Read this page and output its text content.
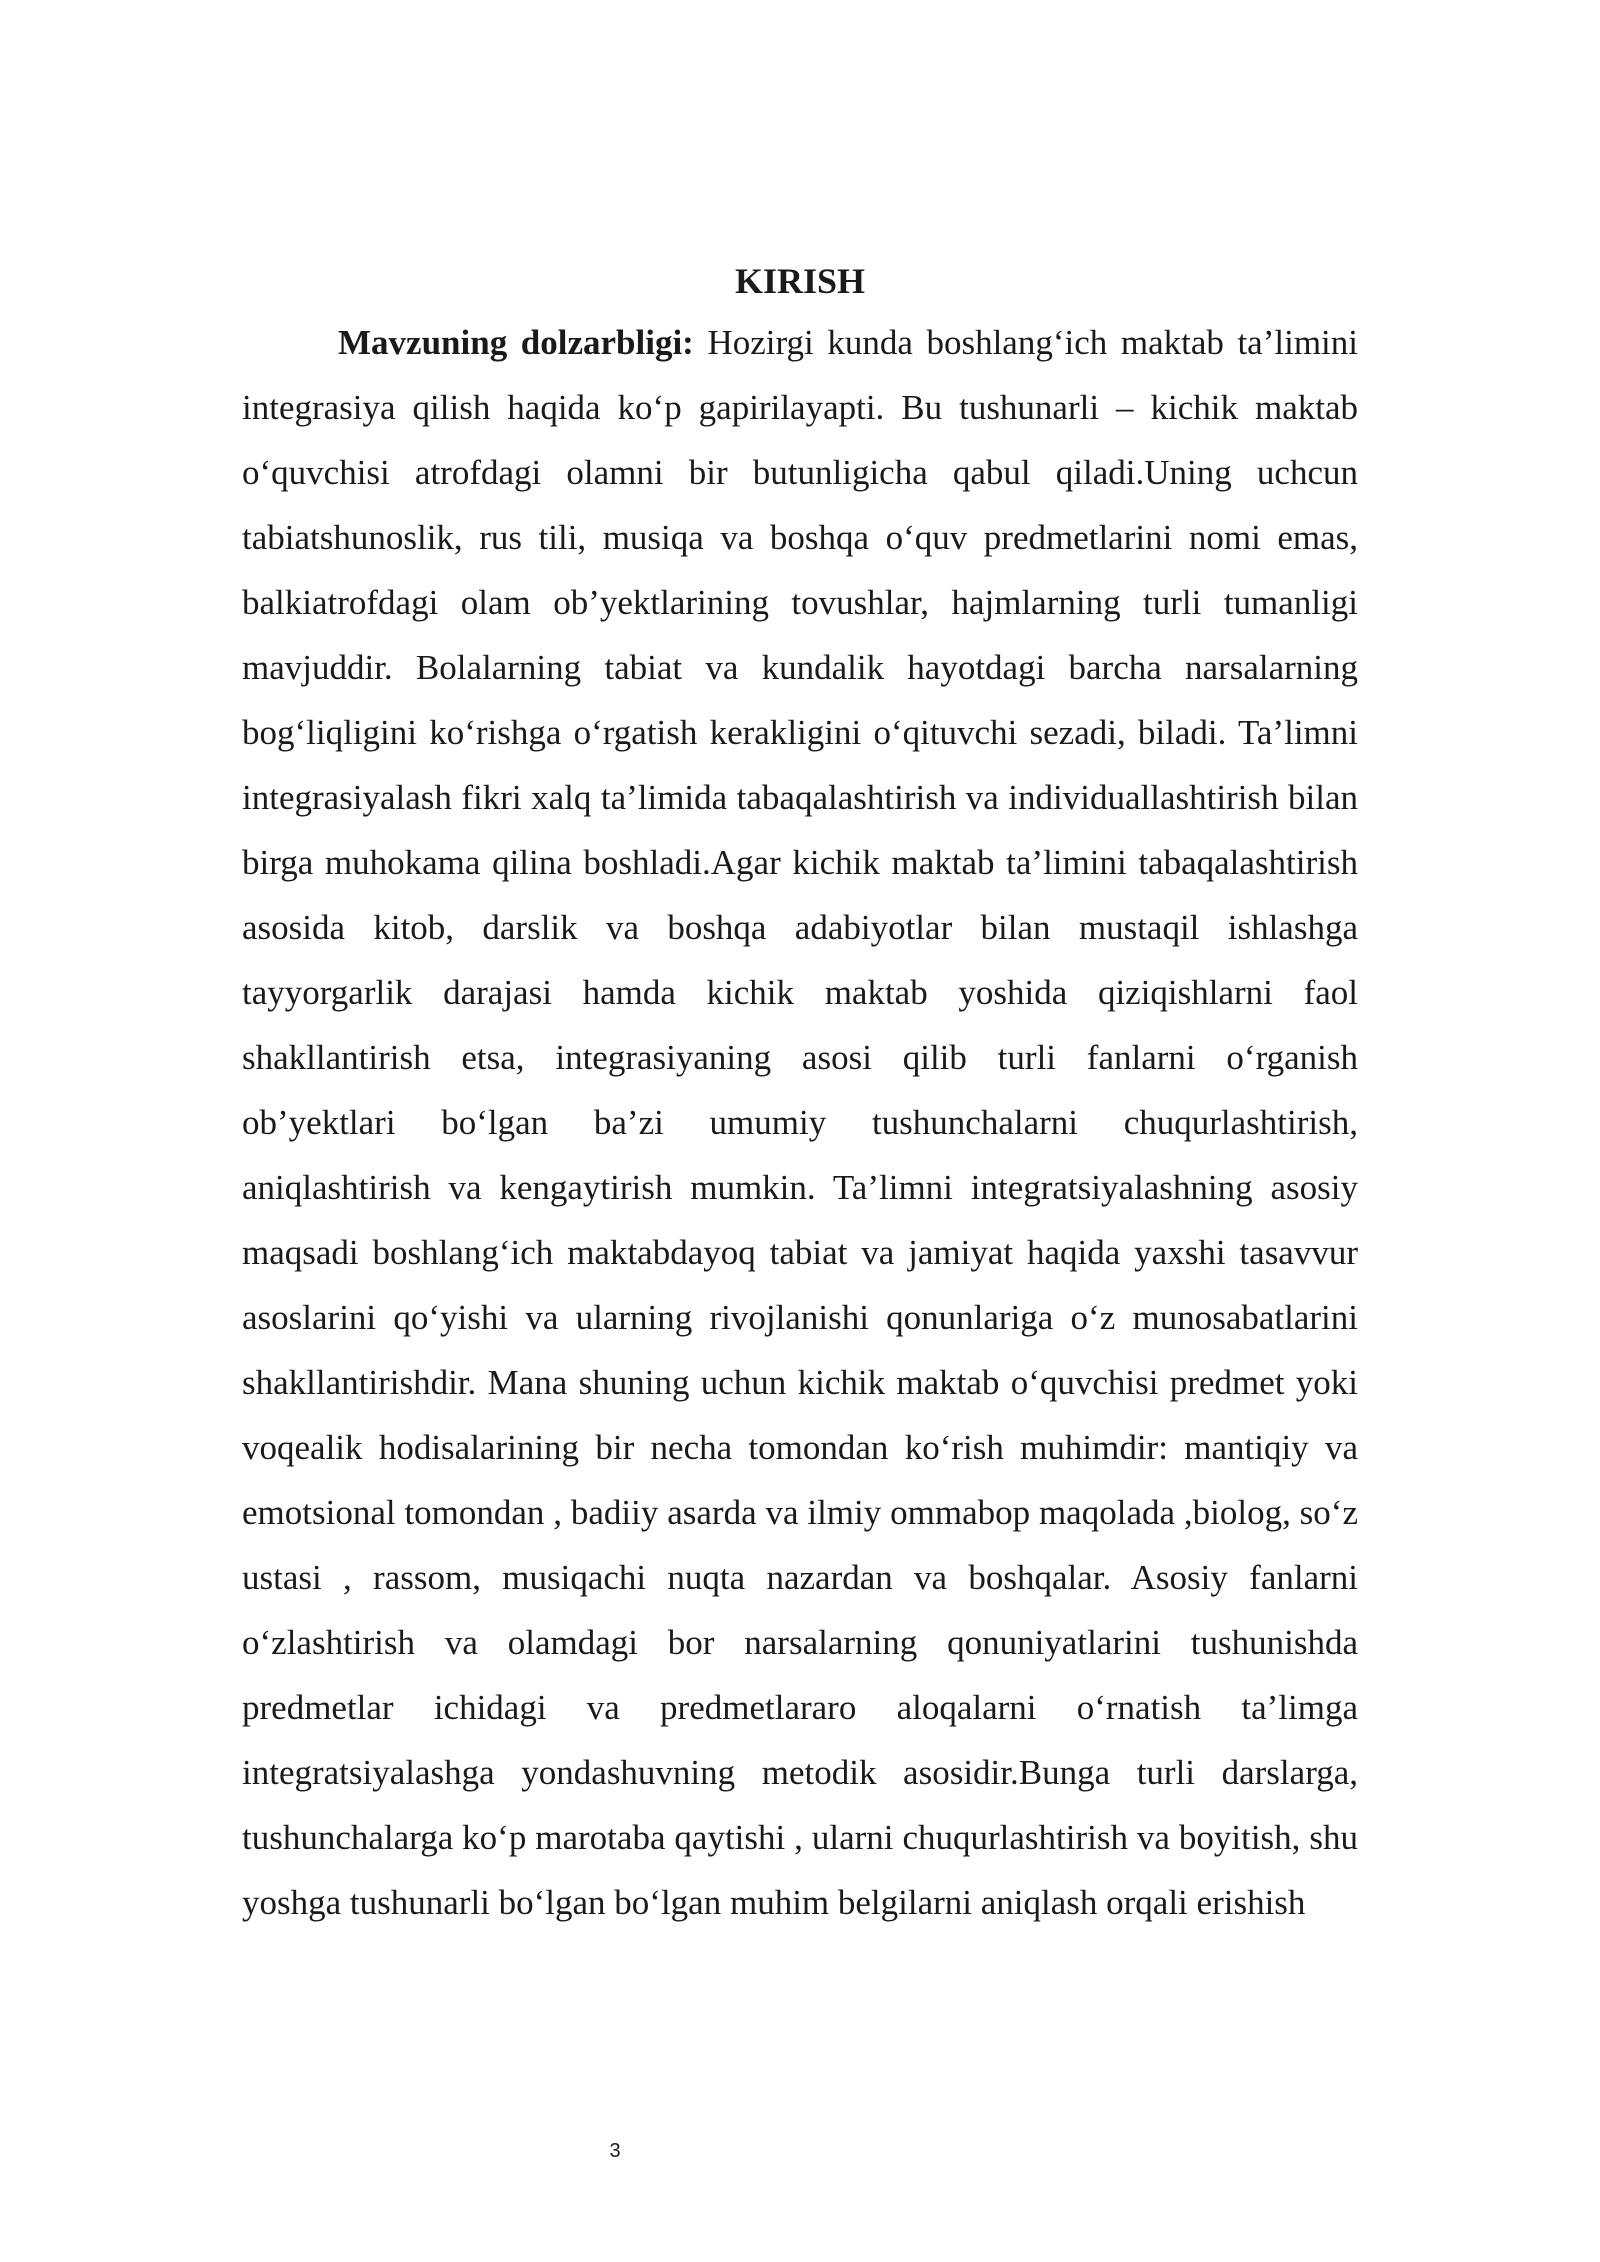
KIRISH

Mavzuning dolzarbligi: Hozirgi kunda boshlang‘ich maktab ta’limini integrasiya qilish haqida ko‘p gapirilayapti. Bu tushunarli – kichik maktab o‘quvchisi atrofdagi olamni bir butunligicha qabul qiladi.Uning uchcun tabiatshunoslik, rus tili, musiqa va boshqa o‘quv predmetlarini nomi emas, balkiatrofdagi olam ob’yektlarining tovushlar, hajmlarning turli tumanligi mavjuddir. Bolalarning tabiat va kundalik hayotdagi barcha narsalarning bog‘liqligini ko‘rishga o‘rgatish kerakligini o‘qituvchi sezadi, biladi. Ta’limni integrasiyalash fikri xalq ta’limida tabaqalashtirish va individuallashtirish bilan birga muhokama qilina boshladi.Agar kichik maktab ta’limini tabaqalashtirish asosida kitob, darslik va boshqa adabiyotlar bilan mustaqil ishlashga tayyorgarlik darajasi hamda kichik maktab yoshida qiziqishlarni faol shakllantirish etsa, integrasiyaning asosi qilib turli fanlarni o‘rganish ob’yektlari bo‘lgan ba’zi umumiy tushunchalarni chuqurlashtirish, aniqlashtirish va kengaytirish mumkin. Ta’limni integratsiyalashning asosiy maqsadi boshlang‘ich maktabdayoq tabiat va jamiyat haqida yaxshi tasavvur asoslarini qo‘yishi va ularning rivojlanishi qonunlariga o‘z munosabatlarini shakllantirishdir. Mana shuning uchun kichik maktab o‘quvchisi predmet yoki voqealik hodisalarining bir necha tomondan ko‘rish muhimdir: mantiqiy va emotsional tomondan , badiiy asarda va ilmiy ommabop maqolada ,biolog, so‘z ustasi , rassom, musiqachi nuqta nazardan va boshqalar. Asosiy fanlarni o‘zlashtirish va olamdagi bor narsalarning qonuniyatlarini tushunishda predmetlar ichidagi va predmetlararo aloqalarni o‘rnatish ta’limga integratsiyalashga yondashuvning metodik asosidir.Bunga turli darslarga, tushunchalarga ko‘p marotaba qaytishi , ularni chuqurlashtirish va boyitish, shu yoshga tushunarli bo‘lgan bo‘lgan muhim belgilarni aniqlash orqali erishish

3
